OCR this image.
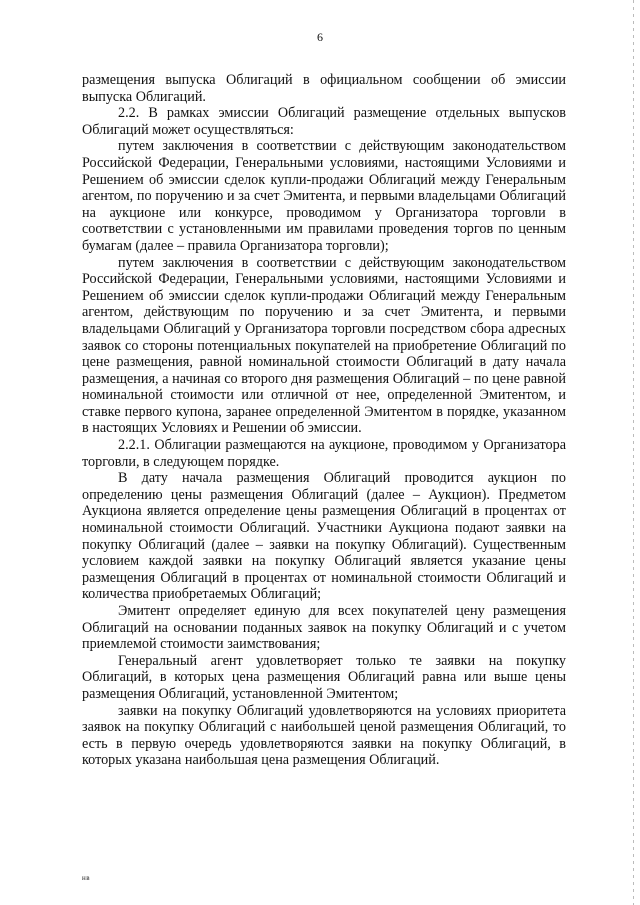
6

размещения выпуска Облигаций в официальном сообщении об эмиссии выпуска Облигаций.

2.2. В рамках эмиссии Облигаций размещение отдельных выпусков Облигаций может осуществляться:

путем заключения в соответствии с действующим законодательством Российской Федерации, Генеральными условиями, настоящими Условиями и Решением об эмиссии сделок купли-продажи Облигаций между Генеральным агентом, по поручению и за счет Эмитента, и первыми владельцами Облигаций на аукционе или конкурсе, проводимом у Организатора торговли в соответствии с установленными им правилами проведения торгов по ценным бумагам (далее – правила Организатора торговли);

путем заключения в соответствии с действующим законодательством Российской Федерации, Генеральными условиями, настоящими Условиями и Решением об эмиссии сделок купли-продажи Облигаций между Генеральным агентом, действующим по поручению и за счет Эмитента, и первыми владельцами Облигаций у Организатора торговли посредством сбора адресных заявок со стороны потенциальных покупателей на приобретение Облигаций по цене размещения, равной номинальной стоимости Облигаций в дату начала размещения, а начиная со второго дня размещения Облигаций – по цене равной номинальной стоимости или отличной от нее, определенной Эмитентом, и ставке первого купона, заранее определенной Эмитентом в порядке, указанном в настоящих Условиях и Решении об эмиссии.

2.2.1. Облигации размещаются на аукционе, проводимом у Организатора торговли, в следующем порядке.

В дату начала размещения Облигаций проводится аукцион по определению цены размещения Облигаций (далее – Аукцион). Предметом Аукциона является определение цены размещения Облигаций в процентах от номинальной стоимости Облигаций. Участники Аукциона подают заявки на покупку Облигаций (далее – заявки на покупку Облигаций). Существенным условием каждой заявки на покупку Облигаций является указание цены размещения Облигаций в процентах от номинальной стоимости Облигаций и количества приобретаемых Облигаций;

Эмитент определяет единую для всех покупателей цену размещения Облигаций на основании поданных заявок на покупку Облигаций и с учетом приемлемой стоимости заимствования;

Генеральный агент удовлетворяет только те заявки на покупку Облигаций, в которых цена размещения Облигаций равна или выше цены размещения Облигаций, установленной Эмитентом;

заявки на покупку Облигаций удовлетворяются на условиях приоритета заявок на покупку Облигаций с наибольшей ценой размещения Облигаций, то есть в первую очередь удовлетворяются заявки на покупку Облигаций, в которых указана наибольшая цена размещения Облигаций.

нв
